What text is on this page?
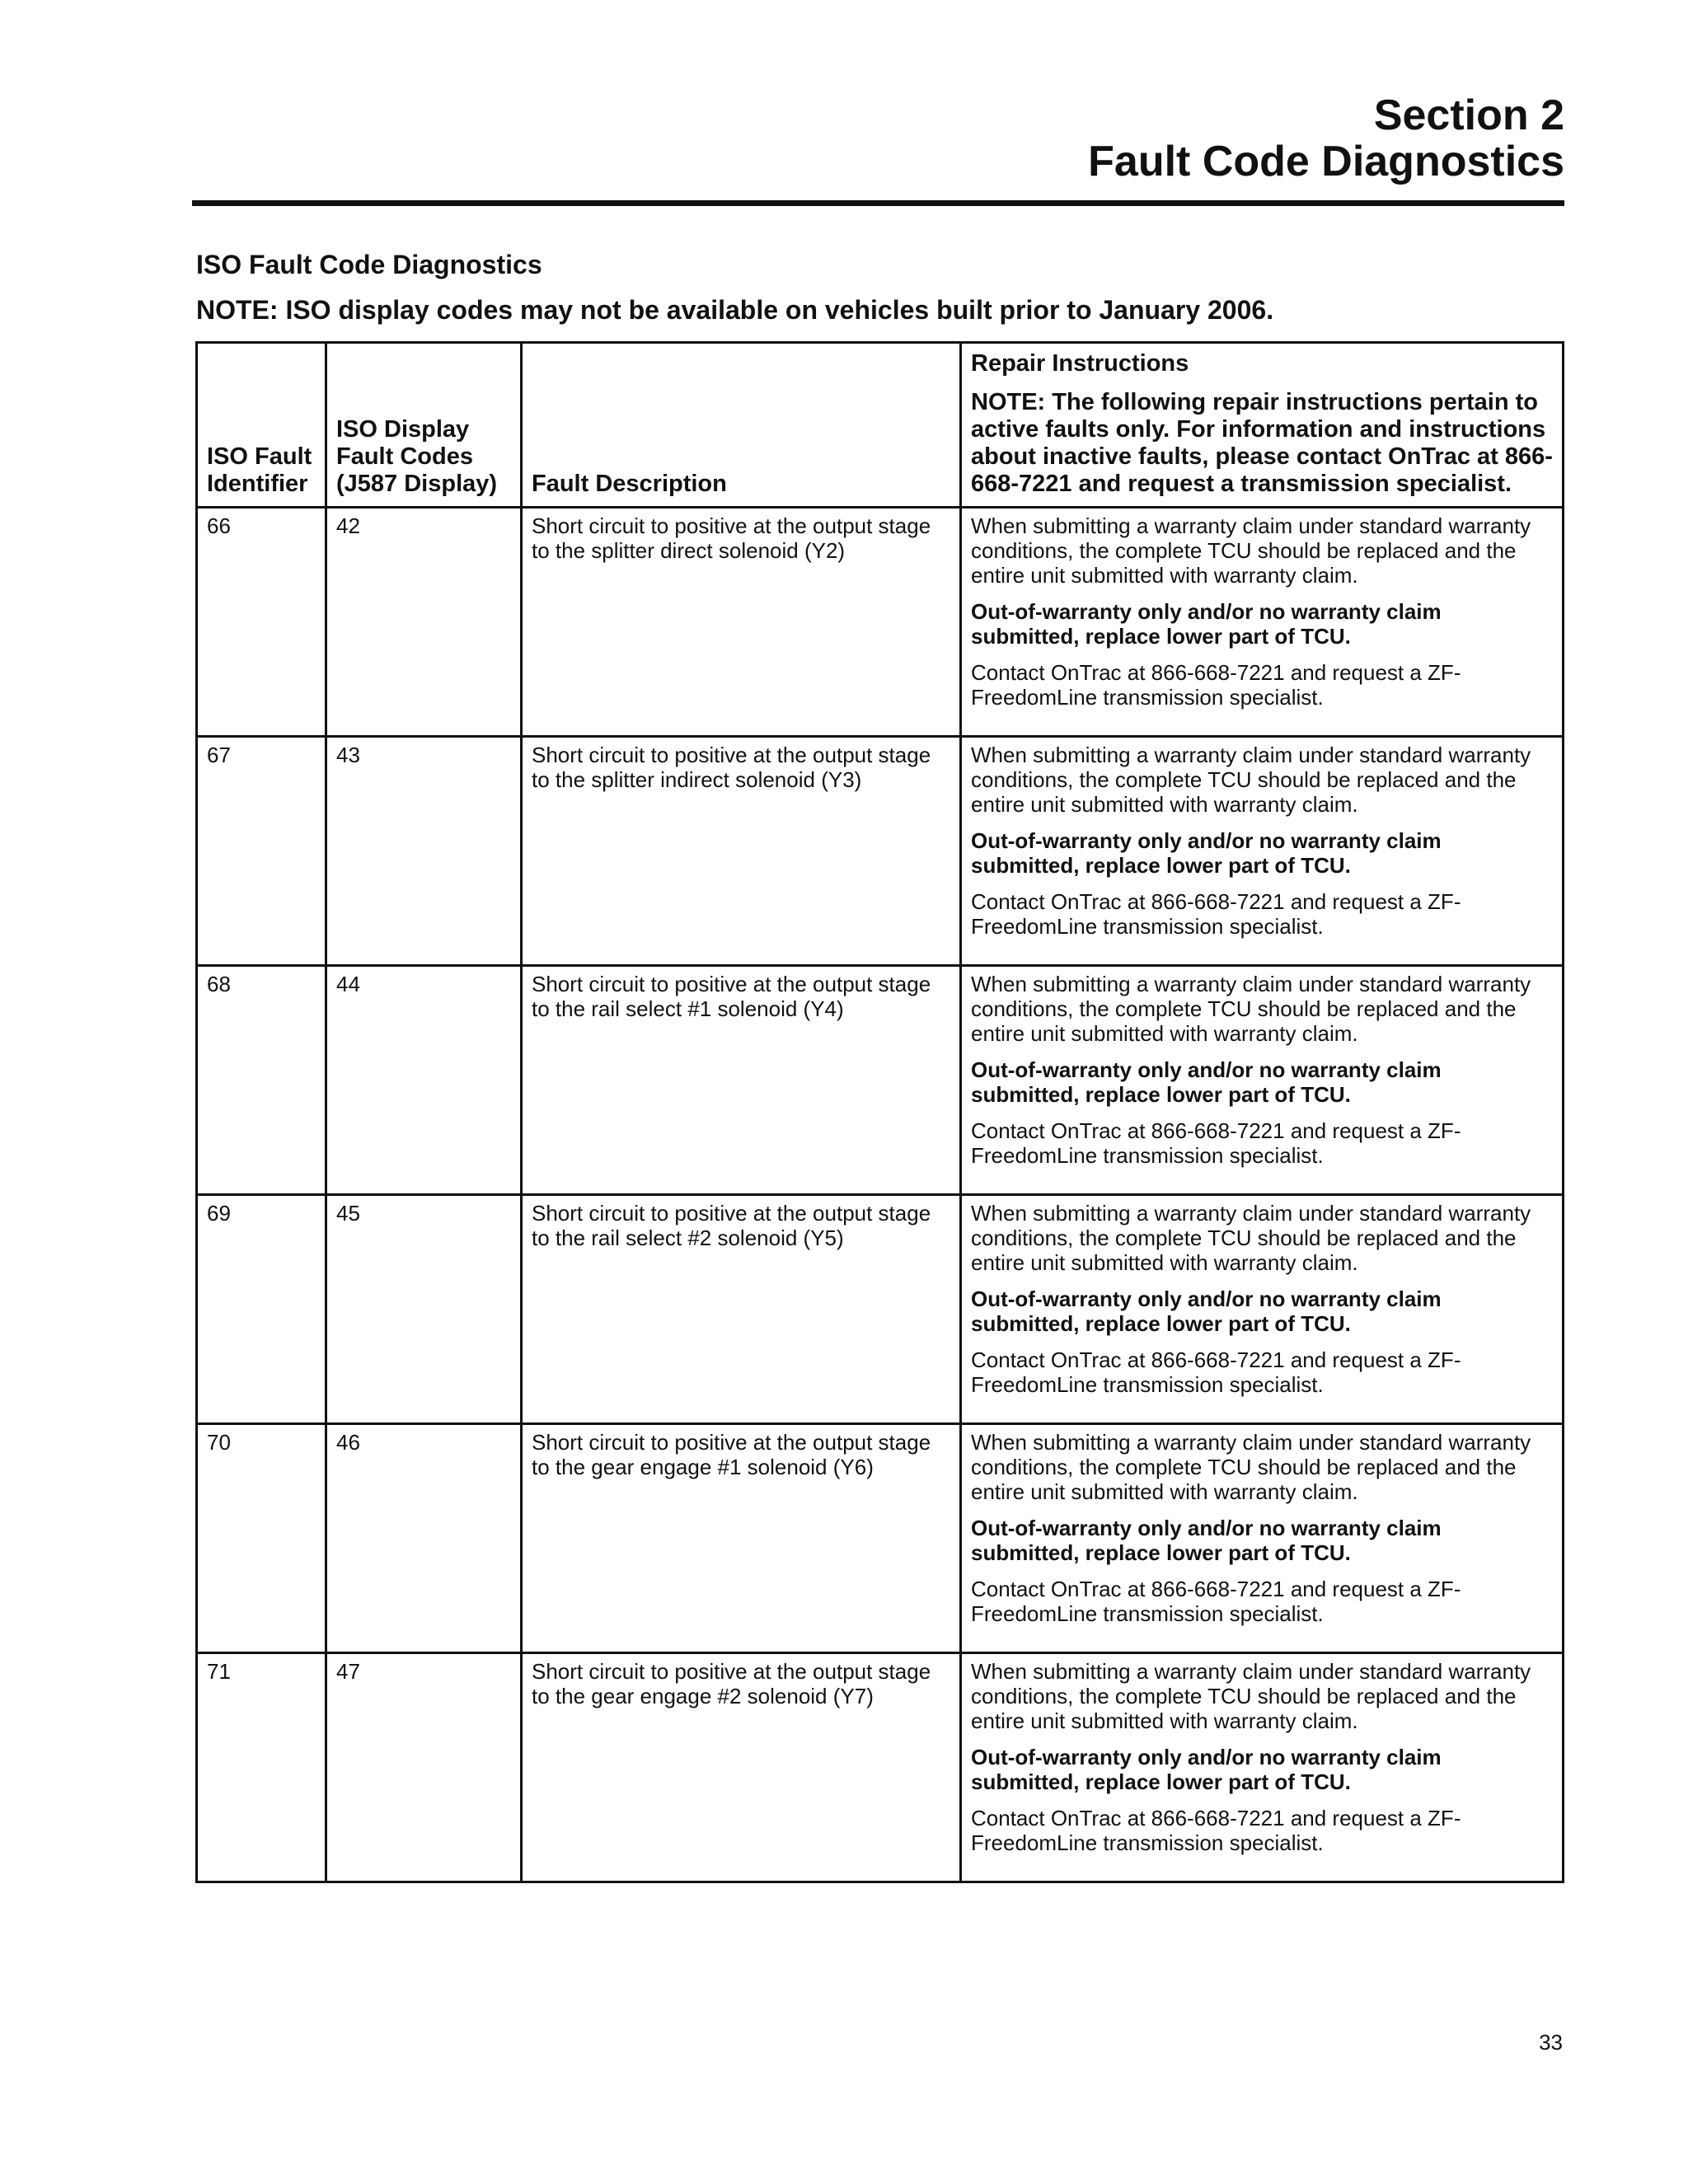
Section 2
Fault Code Diagnostics
ISO Fault Code Diagnostics
NOTE: ISO display codes may not be available on vehicles built prior to January 2006.
ISO Fault Identifier	ISO Display Fault Codes (J587 Display)	Fault Description	Repair Instructions

NOTE: The following repair instructions pertain to active faults only. For information and instructions about inactive faults, please contact OnTrac at 866-668-7221 and request a transmission specialist.

66	42	Short circuit to positive at the output stage to the splitter direct solenoid (Y2)	When submitting a warranty claim under standard warranty conditions, the complete TCU should be replaced and the entire unit submitted with warranty claim.

Out-of-warranty only and/or no warranty claim submitted, replace lower part of TCU.

Contact OnTrac at 866-668-7221 and request a ZF-FreedomLine transmission specialist.

67	43	Short circuit to positive at the output stage to the splitter indirect solenoid (Y3)	When submitting a warranty claim under standard warranty conditions, the complete TCU should be replaced and the entire unit submitted with warranty claim.

Out-of-warranty only and/or no warranty claim submitted, replace lower part of TCU.

Contact OnTrac at 866-668-7221 and request a ZF-FreedomLine transmission specialist.

68	44	Short circuit to positive at the output stage to the rail select #1 solenoid (Y4)	When submitting a warranty claim under standard warranty conditions, the complete TCU should be replaced and the entire unit submitted with warranty claim.

Out-of-warranty only and/or no warranty claim submitted, replace lower part of TCU.

Contact OnTrac at 866-668-7221 and request a ZF-FreedomLine transmission specialist.

69	45	Short circuit to positive at the output stage to the rail select #2 solenoid (Y5)	When submitting a warranty claim under standard warranty conditions, the complete TCU should be replaced and the entire unit submitted with warranty claim.

Out-of-warranty only and/or no warranty claim submitted, replace lower part of TCU.

Contact OnTrac at 866-668-7221 and request a ZF-FreedomLine transmission specialist.

70	46	Short circuit to positive at the output stage to the gear engage #1 solenoid (Y6)	When submitting a warranty claim under standard warranty conditions, the complete TCU should be replaced and the entire unit submitted with warranty claim.

Out-of-warranty only and/or no warranty claim submitted, replace lower part of TCU.

Contact OnTrac at 866-668-7221 and request a ZF-FreedomLine transmission specialist.

71	47	Short circuit to positive at the output stage to the gear engage #2 solenoid (Y7)	When submitting a warranty claim under standard warranty conditions, the complete TCU should be replaced and the entire unit submitted with warranty claim.

Out-of-warranty only and/or no warranty claim submitted, replace lower part of TCU.

Contact OnTrac at 866-668-7221 and request a ZF-FreedomLine transmission specialist.

33
